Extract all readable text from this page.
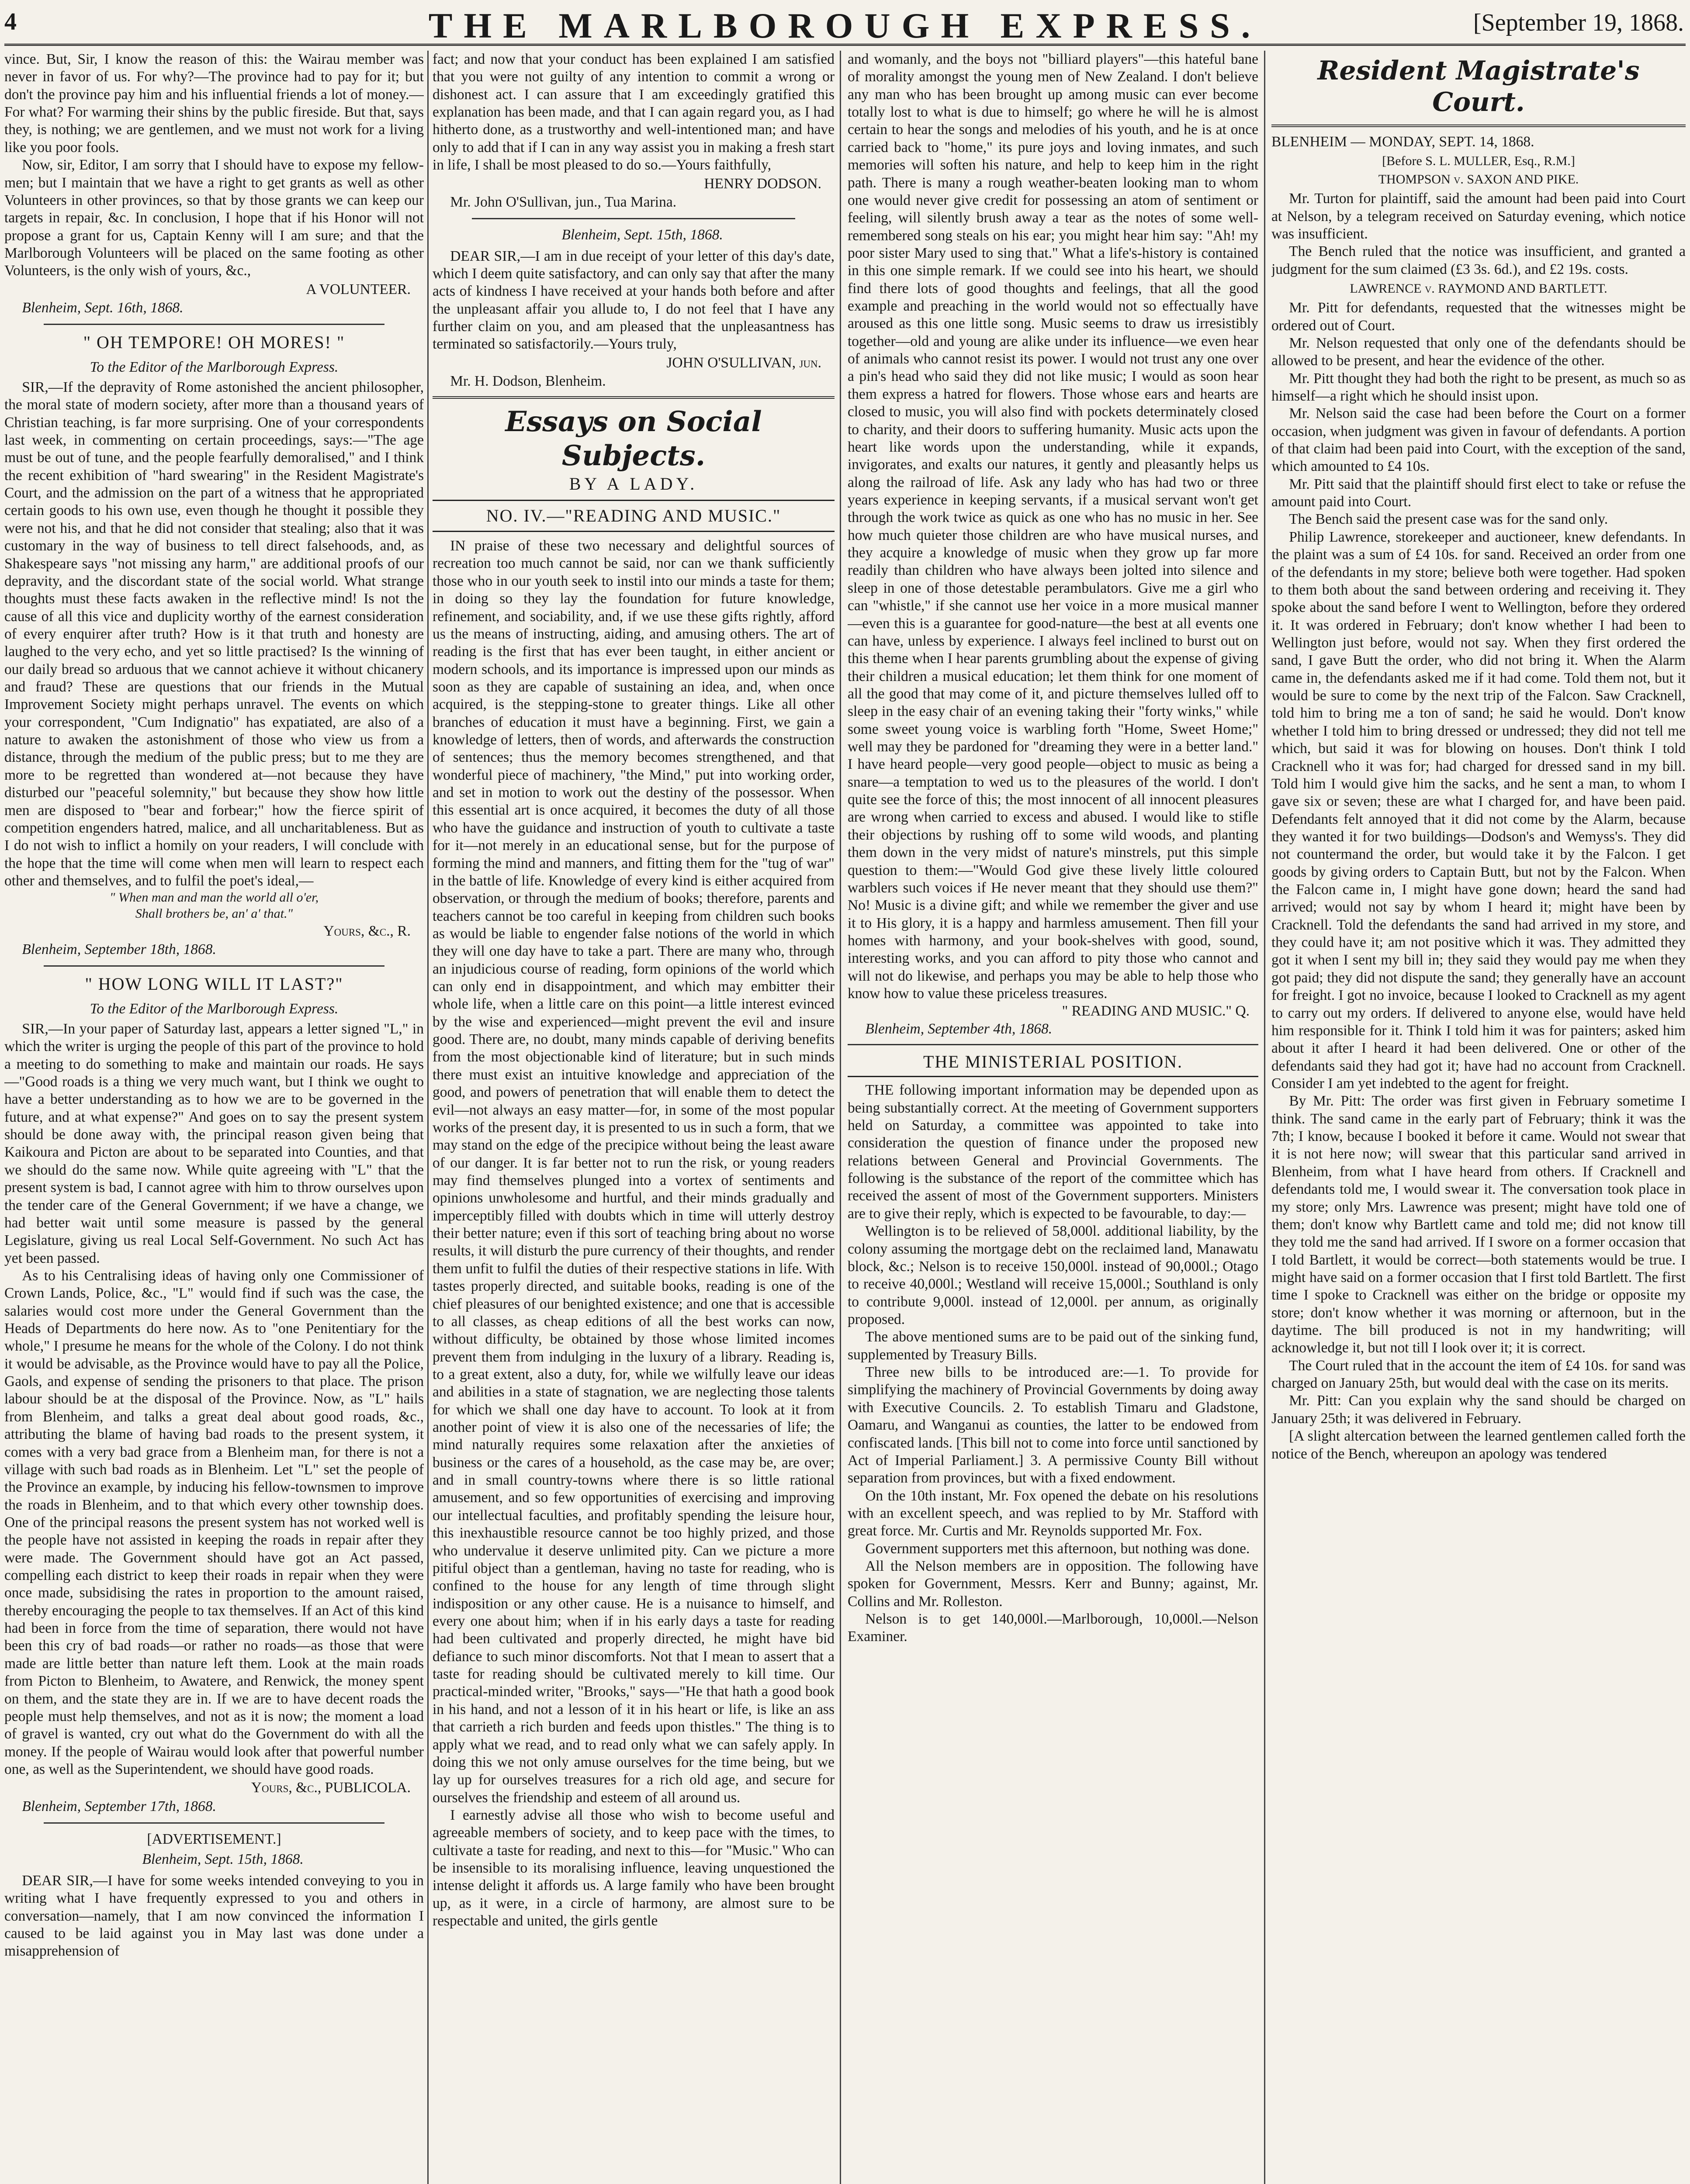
4	THE MARLBOROUGH EXPRESS.	[September 19, 1868.

vince. But, Sir, I know the reason of this: the Wairau member was never in favor of us. For why?—The province had to pay for it; but don't the province pay him and his influential friends a lot of money.—For what? For warming their shins by the public fireside. But that, says they, is nothing; we are gentlemen, and we must not work for a living like you poor fools.

Now, sir, Editor, I am sorry that I should have to expose my fellow-men; but I maintain that we have a right to get grants as well as other Volunteers in other provinces, so that by those grants we can keep our targets in repair, &c. In conclusion, I hope that if his Honor will not propose a grant for us, Captain Kenny will I am sure; and that the Marlborough Volunteers will be placed on the same footing as other Volunteers, is the only wish of yours, &c.,

A VOLUNTEER.

Blenheim, Sept. 16th, 1868.

" OH TEMPORE! OH MORES! "
To the Editor of the Marlborough Express.

SIR,—If the depravity of Rome astonished the ancient philosopher, the moral state of modern society, after more than a thousand years of Christian teaching, is far more surprising. One of your correspondents last week, in commenting on certain proceedings, says:—"The age must be out of tune, and the people fearfully demoralised," and I think the recent exhibition of "hard swearing" in the Resident Magistrate's Court, and the admission on the part of a witness that he appropriated certain goods to his own use, even though he thought it possible they were not his, and that he did not consider that stealing; also that it was customary in the way of business to tell direct falsehoods, and, as Shakespeare says "not missing any harm," are additional proofs of our depravity, and the discordant state of the social world. What strange thoughts must these facts awaken in the reflective mind! Is not the cause of all this vice and duplicity worthy of the earnest consideration of every enquirer after truth? How is it that truth and honesty are laughed to the very echo, and yet so little practised? Is the winning of our daily bread so arduous that we cannot achieve it without chicanery and fraud? These are questions that our friends in the Mutual Improvement Society might perhaps unravel. The events on which your correspondent, "Cum Indignatio" has expatiated, are also of a nature to awaken the astonishment of those who view us from a distance, through the medium of the public press; but to me they are more to be regretted than wondered at—not because they have disturbed our "peaceful solemnity," but because they show how little men are disposed to "bear and forbear;" how the fierce spirit of competition engenders hatred, malice, and all uncharitableness. But as I do not wish to inflict a homily on your readers, I will conclude with the hope that the time will come when men will learn to respect each other and themselves, and to fulfil the poet's ideal,—

" When man and man the world all o'er,

Shall brothers be, an' a' that."

Yours, &c., R.

Blenheim, September 18th, 1868.

" HOW LONG WILL IT LAST?"
To the Editor of the Marlborough Express.

SIR,—In your paper of Saturday last, appears a letter signed "L," in which the writer is urging the people of this part of the province to hold a meeting to do something to make and maintain our roads. He says—"Good roads is a thing we very much want, but I think we ought to have a better understanding as to how we are to be governed in the future, and at what expense?" And goes on to say the present system should be done away with, the principal reason given being that Kaikoura and Picton are about to be separated into Counties, and that we should do the same now. While quite agreeing with "L" that the present system is bad, I cannot agree with him to throw ourselves upon the tender care of the General Government; if we have a change, we had better wait until some measure is passed by the general Legislature, giving us real Local Self-Government. No such Act has yet been passed.

As to his Centralising ideas of having only one Commissioner of Crown Lands, Police, &c., "L" would find if such was the case, the salaries would cost more under the General Government than the Heads of Departments do here now. As to "one Penitentiary for the whole," I presume he means for the whole of the Colony. I do not think it would be advisable, as the Province would have to pay all the Police, Gaols, and expense of sending the prisoners to that place. The prison labour should be at the disposal of the Province. Now, as "L" hails from Blenheim, and talks a great deal about good roads, &c., attributing the blame of having bad roads to the present system, it comes with a very bad grace from a Blenheim man, for there is not a village with such bad roads as in Blenheim. Let "L" set the people of the Province an example, by inducing his fellow-townsmen to improve the roads in Blenheim, and to that which every other township does. One of the principal reasons the present system has not worked well is the people have not assisted in keeping the roads in repair after they were made. The Government should have got an Act passed, compelling each district to keep their roads in repair when they were once made, subsidising the rates in proportion to the amount raised, thereby encouraging the people to tax themselves. If an Act of this kind had been in force from the time of separation, there would not have been this cry of bad roads—or rather no roads—as those that were made are little better than nature left them. Look at the main roads from Picton to Blenheim, to Awatere, and Renwick, the money spent on them, and the state they are in. If we are to have decent roads the people must help themselves, and not as it is now; the moment a load of gravel is wanted, cry out what do the Government do with all the money. If the people of Wairau would look after that powerful number one, as well as the Superintendent, we should have good roads.

Yours, &c., PUBLICOLA.

Blenheim, September 17th, 1868.

[ADVERTISEMENT.]

Blenheim, Sept. 15th, 1868.

DEAR SIR,—I have for some weeks intended conveying to you in writing what I have frequently expressed to you and others in conversation—namely, that I am now convinced the information I caused to be laid against you in May last was done under a misapprehension of

fact; and now that your conduct has been explained I am satisfied that you were not guilty of any intention to commit a wrong or dishonest act. I can assure that I am exceedingly gratified this explanation has been made, and that I can again regard you, as I had hitherto done, as a trustworthy and well-intentioned man; and have only to add that if I can in any way assist you in making a fresh start in life, I shall be most pleased to do so.—Yours faithfully,

HENRY DODSON.

Mr. John O'Sullivan, jun., Tua Marina.

Blenheim, Sept. 15th, 1868.

DEAR SIR,—I am in due receipt of your letter of this day's date, which I deem quite satisfactory, and can only say that after the many acts of kindness I have received at your hands both before and after the unpleasant affair you allude to, I do not feel that I have any further claim on you, and am pleased that the unpleasantness has terminated so satisfactorily.—Yours truly,

JOHN O'SULLIVAN, jun.

Mr. H. Dodson, Blenheim.

Essays on Social Subjects.
BY A LADY.
NO. IV.—"READING AND MUSIC."

IN praise of these two necessary and delightful sources of recreation too much cannot be said, nor can we thank sufficiently those who in our youth seek to instil into our minds a taste for them; in doing so they lay the foundation for future knowledge, refinement, and sociability, and, if we use these gifts rightly, afford us the means of instructing, aiding, and amusing others. The art of reading is the first that has ever been taught, in either ancient or modern schools, and its importance is impressed upon our minds as soon as they are capable of sustaining an idea, and, when once acquired, is the stepping-stone to greater things. Like all other branches of education it must have a beginning. First, we gain a knowledge of letters, then of words, and afterwards the construction of sentences; thus the memory becomes strengthened, and that wonderful piece of machinery, "the Mind," put into working order, and set in motion to work out the destiny of the possessor. When this essential art is once acquired, it becomes the duty of all those who have the guidance and instruction of youth to cultivate a taste for it—not merely in an educational sense, but for the purpose of forming the mind and manners, and fitting them for the "tug of war" in the battle of life. Knowledge of every kind is either acquired from observation, or through the medium of books; therefore, parents and teachers cannot be too careful in keeping from children such books as would be liable to engender false notions of the world in which they will one day have to take a part. There are many who, through an injudicious course of reading, form opinions of the world which can only end in disappointment, and which may embitter their whole life, when a little care on this point—a little interest evinced by the wise and experienced—might prevent the evil and insure good. There are, no doubt, many minds capable of deriving benefits from the most objectionable kind of literature; but in such minds there must exist an intuitive knowledge and appreciation of the good, and powers of penetration that will enable them to detect the evil—not always an easy matter—for, in some of the most popular works of the present day, it is presented to us in such a form, that we may stand on the edge of the precipice without being the least aware of our danger. It is far better not to run the risk, or young readers may find themselves plunged into a vortex of sentiments and opinions unwholesome and hurtful, and their minds gradually and imperceptibly filled with doubts which in time will utterly destroy their better nature; even if this sort of teaching bring about no worse results, it will disturb the pure currency of their thoughts, and render them unfit to fulfil the duties of their respective stations in life. With tastes properly directed, and suitable books, reading is one of the chief pleasures of our benighted existence; and one that is accessible to all classes, as cheap editions of all the best works can now, without difficulty, be obtained by those whose limited incomes prevent them from indulging in the luxury of a library. Reading is, to a great extent, also a duty, for, while we wilfully leave our ideas and abilities in a state of stagnation, we are neglecting those talents for which we shall one day have to account. To look at it from another point of view it is also one of the necessaries of life; the mind naturally requires some relaxation after the anxieties of business or the cares of a household, as the case may be, are over; and in small country-towns where there is so little rational amusement, and so few opportunities of exercising and improving our intellectual faculties, and profitably spending the leisure hour, this inexhaustible resource cannot be too highly prized, and those who undervalue it deserve unlimited pity. Can we picture a more pitiful object than a gentleman, having no taste for reading, who is confined to the house for any length of time through slight indisposition or any other cause. He is a nuisance to himself, and every one about him; when if in his early days a taste for reading had been cultivated and properly directed, he might have bid defiance to such minor discomforts. Not that I mean to assert that a taste for reading should be cultivated merely to kill time. Our practical-minded writer, "Brooks," says—"He that hath a good book in his hand, and not a lesson of it in his heart or life, is like an ass that carrieth a rich burden and feeds upon thistles." The thing is to apply what we read, and to read only what we can safely apply. In doing this we not only amuse ourselves for the time being, but we lay up for ourselves treasures for a rich old age, and secure for ourselves the friendship and esteem of all around us.

I earnestly advise all those who wish to become useful and agreeable members of society, and to keep pace with the times, to cultivate a taste for reading, and next to this—for "Music." Who can be insensible to its moralising influence, leaving unquestioned the intense delight it affords us. A large family who have been brought up, as it were, in a circle of harmony, are almost sure to be respectable and united, the girls gentle

and womanly, and the boys not "billiard players"—this hateful bane of morality amongst the young men of New Zealand. I don't believe any man who has been brought up among music can ever become totally lost to what is due to himself; go where he will he is almost certain to hear the songs and melodies of his youth, and he is at once carried back to "home," its pure joys and loving inmates, and such memories will soften his nature, and help to keep him in the right path. There is many a rough weather-beaten looking man to whom one would never give credit for possessing an atom of sentiment or feeling, will silently brush away a tear as the notes of some well-remembered song steals on his ear; you might hear him say: "Ah! my poor sister Mary used to sing that." What a life's-history is contained in this one simple remark. If we could see into his heart, we should find there lots of good thoughts and feelings, that all the good example and preaching in the world would not so effectually have aroused as this one little song. Music seems to draw us irresistibly together—old and young are alike under its influence—we even hear of animals who cannot resist its power. I would not trust any one over a pin's head who said they did not like music; I would as soon hear them express a hatred for flowers. Those whose ears and hearts are closed to music, you will also find with pockets determinately closed to charity, and their doors to suffering humanity. Music acts upon the heart like words upon the understanding, while it expands, invigorates, and exalts our natures, it gently and pleasantly helps us along the railroad of life. Ask any lady who has had two or three years experience in keeping servants, if a musical servant won't get through the work twice as quick as one who has no music in her. See how much quieter those children are who have musical nurses, and they acquire a knowledge of music when they grow up far more readily than children who have always been jolted into silence and sleep in one of those detestable perambulators. Give me a girl who can "whistle," if she cannot use her voice in a more musical manner—even this is a guarantee for good-nature—the best at all events one can have, unless by experience. I always feel inclined to burst out on this theme when I hear parents grumbling about the expense of giving their children a musical education; let them think for one moment of all the good that may come of it, and picture themselves lulled off to sleep in the easy chair of an evening taking their "forty winks," while some sweet young voice is warbling forth "Home, Sweet Home;" well may they be pardoned for "dreaming they were in a better land." I have heard people—very good people—object to music as being a snare—a temptation to wed us to the pleasures of the world. I don't quite see the force of this; the most innocent of all innocent pleasures are wrong when carried to excess and abused. I would like to stifle their objections by rushing off to some wild woods, and planting them down in the very midst of nature's minstrels, put this simple question to them:—"Would God give these lively little coloured warblers such voices if He never meant that they should use them?" No! Music is a divine gift; and while we remember the giver and use it to His glory, it is a happy and harmless amusement. Then fill your homes with harmony, and your book-shelves with good, sound, interesting works, and you can afford to pity those who cannot and will not do likewise, and perhaps you may be able to help those who know how to value these priceless treasures.

" READING AND MUSIC." Q.

Blenheim, September 4th, 1868.

THE MINISTERIAL POSITION.

THE following important information may be depended upon as being substantially correct. At the meeting of Government supporters held on Saturday, a committee was appointed to take into consideration the question of finance under the proposed new relations between General and Provincial Governments. The following is the substance of the report of the committee which has received the assent of most of the Government supporters. Ministers are to give their reply, which is expected to be favourable, to day:—

Wellington is to be relieved of 58,000l. additional liability, by the colony assuming the mortgage debt on the reclaimed land, Manawatu block, &c.; Nelson is to receive 150,000l. instead of 90,000l.; Otago to receive 40,000l.; Westland will receive 15,000l.; Southland is only to contribute 9,000l. instead of 12,000l. per annum, as originally proposed.

The above mentioned sums are to be paid out of the sinking fund, supplemented by Treasury Bills.

Three new bills to be introduced are:—1. To provide for simplifying the machinery of Provincial Governments by doing away with Executive Councils. 2. To establish Timaru and Gladstone, Oamaru, and Wanganui as counties, the latter to be endowed from confiscated lands. [This bill not to come into force until sanctioned by Act of Imperial Parliament.] 3. A permissive County Bill without separation from provinces, but with a fixed endowment.

On the 10th instant, Mr. Fox opened the debate on his resolutions with an excellent speech, and was replied to by Mr. Stafford with great force. Mr. Curtis and Mr. Reynolds supported Mr. Fox.

Government supporters met this afternoon, but nothing was done.

All the Nelson members are in opposition. The following have spoken for Government, Messrs. Kerr and Bunny; against, Mr. Collins and Mr. Rolleston.

Nelson is to get 140,000l.—Marlborough, 10,000l.—Nelson Examiner.

Resident Magistrate's Court.

BLENHEIM — MONDAY, SEPT. 14, 1868.

[Before S. L. MULLER, Esq., R.M.]
THOMPSON v. SAXON AND PIKE.

Mr. Turton for plaintiff, said the amount had been paid into Court at Nelson, by a telegram received on Saturday evening, which notice was insufficient.

The Bench ruled that the notice was insufficient, and granted a judgment for the sum claimed (£3 3s. 6d.), and £2 19s. costs.

LAWRENCE v. RAYMOND AND BARTLETT.

Mr. Pitt for defendants, requested that the witnesses might be ordered out of Court.

Mr. Nelson requested that only one of the defendants should be allowed to be present, and hear the evidence of the other.

Mr. Pitt thought they had both the right to be present, as much so as himself—a right which he should insist upon.

Mr. Nelson said the case had been before the Court on a former occasion, when judgment was given in favour of defendants. A portion of that claim had been paid into Court, with the exception of the sand, which amounted to £4 10s.

Mr. Pitt said that the plaintiff should first elect to take or refuse the amount paid into Court.

The Bench said the present case was for the sand only.

Philip Lawrence, storekeeper and auctioneer, knew defendants. In the plaint was a sum of £4 10s. for sand. Received an order from one of the defendants in my store; believe both were together. Had spoken to them both about the sand between ordering and receiving it. They spoke about the sand before I went to Wellington, before they ordered it. It was ordered in February; don't know whether I had been to Wellington just before, would not say. When they first ordered the sand, I gave Butt the order, who did not bring it. When the Alarm came in, the defendants asked me if it had come. Told them not, but it would be sure to come by the next trip of the Falcon. Saw Cracknell, told him to bring me a ton of sand; he said he would. Don't know whether I told him to bring dressed or undressed; they did not tell me which, but said it was for blowing on houses. Don't think I told Cracknell who it was for; had charged for dressed sand in my bill. Told him I would give him the sacks, and he sent a man, to whom I gave six or seven; these are what I charged for, and have been paid. Defendants felt annoyed that it did not come by the Alarm, because they wanted it for two buildings—Dodson's and Wemyss's. They did not countermand the order, but would take it by the Falcon. I get goods by giving orders to Captain Butt, but not by the Falcon. When the Falcon came in, I might have gone down; heard the sand had arrived; would not say by whom I heard it; might have been by Cracknell. Told the defendants the sand had arrived in my store, and they could have it; am not positive which it was. They admitted they got it when I sent my bill in; they said they would pay me when they got paid; they did not dispute the sand; they generally have an account for freight. I got no invoice, because I looked to Cracknell as my agent to carry out my orders. If delivered to anyone else, would have held him responsible for it. Think I told him it was for painters; asked him about it after I heard it had been delivered. One or other of the defendants said they had got it; have had no account from Cracknell. Consider I am yet indebted to the agent for freight.

By Mr. Pitt: The order was first given in February sometime I think. The sand came in the early part of February; think it was the 7th; I know, because I booked it before it came. Would not swear that it is not here now; will swear that this particular sand arrived in Blenheim, from what I have heard from others. If Cracknell and defendants told me, I would swear it. The conversation took place in my store; only Mrs. Lawrence was present; might have told one of them; don't know why Bartlett came and told me; did not know till they told me the sand had arrived. If I swore on a former occasion that I told Bartlett, it would be correct—both statements would be true. I might have said on a former occasion that I first told Bartlett. The first time I spoke to Cracknell was either on the bridge or opposite my store; don't know whether it was morning or afternoon, but in the daytime. The bill produced is not in my handwriting; will acknowledge it, but not till I look over it; it is correct.

The Court ruled that in the account the item of £4 10s. for sand was charged on January 25th, but would deal with the case on its merits.

Mr. Pitt: Can you explain why the sand should be charged on January 25th; it was delivered in February.

[A slight altercation between the learned gentlemen called forth the notice of the Bench, whereupon an apology was tendered
